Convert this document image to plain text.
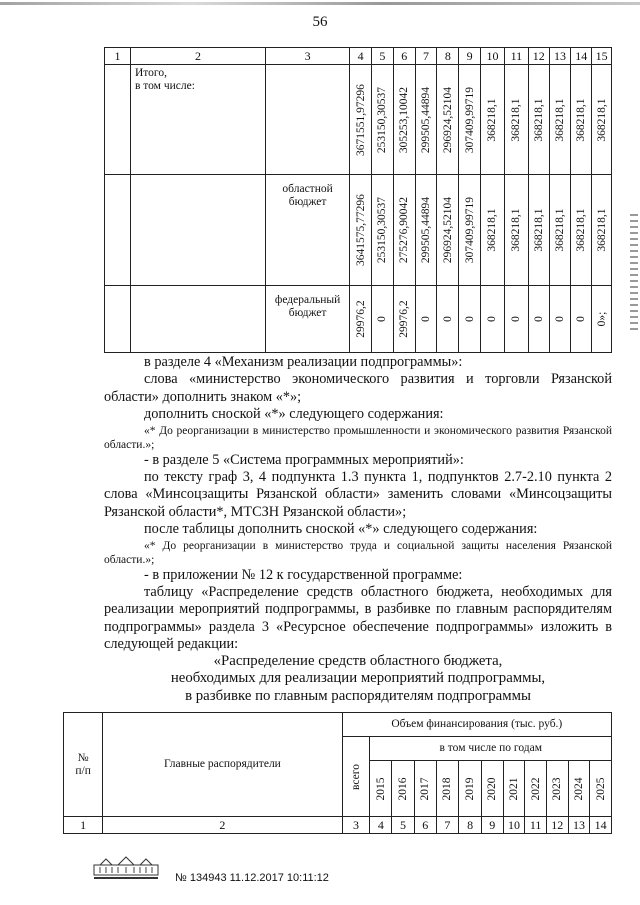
56
1	2	3	4	5	6	7	8	9	10	11	12	13	14	15
	Итого,
в том числе:		3671551,97296	253150,30537	305253,10042	299505,44894	296924,52104	307409,99719	368218,1	368218,1	368218,1	368218,1	368218,1	368218,1

		областной
бюджет	3641575,77296	253150,30537	275276,90042	299505,44894	296924,52104	307409,99719	368218,1	368218,1	368218,1	368218,1	368218,1	368218,1

		федеральный
бюджет	29976,2	0	29976,2	0	0	0	0	0	0	0	0	0»;

в разделе 4 «Механизм реализации подпрограммы»:

слова «министерство экономического развития и торговли Рязанской области» дополнить знаком «*»;

дополнить сноской «*» следующего содержания:

«* До реорганизации в министерство промышленности и экономического развития Рязанской области.»;

- в разделе 5 «Система программных мероприятий»:

по тексту граф 3, 4 подпункта 1.3 пункта 1, подпунктов 2.7-2.10 пункта 2 слова «Минсоцзащиты Рязанской области» заменить словами «Минсоцзащиты Рязанской области*, МТСЗН Рязанской области»;

после таблицы дополнить сноской «*» следующего содержания:

«* До реорганизации в министерство труда и социальной защиты населения Рязанской области.»;

- в приложении № 12 к государственной программе:

таблицу «Распределение средств областного бюджета, необходимых для реализации мероприятий подпрограммы, в разбивке по главным распорядителям подпрограммы» раздела 3 «Ресурсное обеспечение подпрограммы» изложить в следующей редакции:

«Распределение средств областного бюджета,
необходимых для реализации мероприятий подпрограммы,
в разбивке по главным распорядителям подпрограммы
№
п/п	Главные распорядители	Объем финансирования (тыс. руб.)											

		всего	в том числе по годам										

			2015	2016	2017	2018	2019	2020	2021	2022	2023	2024	2025

1	2	3	4	5	6	7	8	9	10	11	12	13	14
№ 134943 11.12.2017 10:11:12
